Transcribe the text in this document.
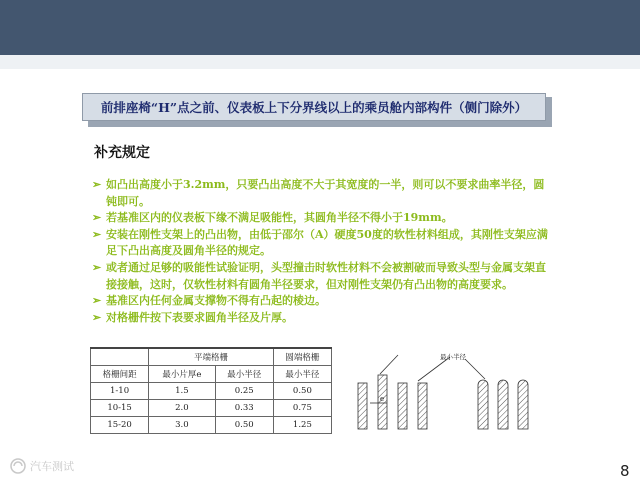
前排座椅“H”点之前、仪表板上下分界线以上的乘员舱内部构件（侧门除外）
补充规定
➢ 如凸出高度小于3.2mm，只要凸出高度不大于其宽度的一半，则可以不要求曲率半径，圆钝即可。
➢ 若基准区内的仪表板下缘不满足吸能性，其圆角半径不得小于19mm。
➢ 安装在刚性支架上的凸出物，由低于邵尔（A）硬度50度的软性材料组成，其刚性支架应满足下凸出高度及圆角半径的规定。
➢ 或者通过足够的吸能性试验证明，头型撞击时软性材料不会被割破而导致头型与金属支架直接接触，这时，仅软性材料有圆角半径要求，但对刚性支架仍有凸出物的高度要求。
➢ 基准区内任何金属支撑物不得有凸起的棱边。
➢ 对格栅件按下表要求圆角半径及片厚。
	平端格栅		圆端格栅
格栅间距	最小片厚e	最小半径	最小半径
1-10	1.5	0.25	0.50
10-15	2.0	0.33	0.75
15-20	3.0	0.50	1.25
e
最小半径
汽车测试	8
